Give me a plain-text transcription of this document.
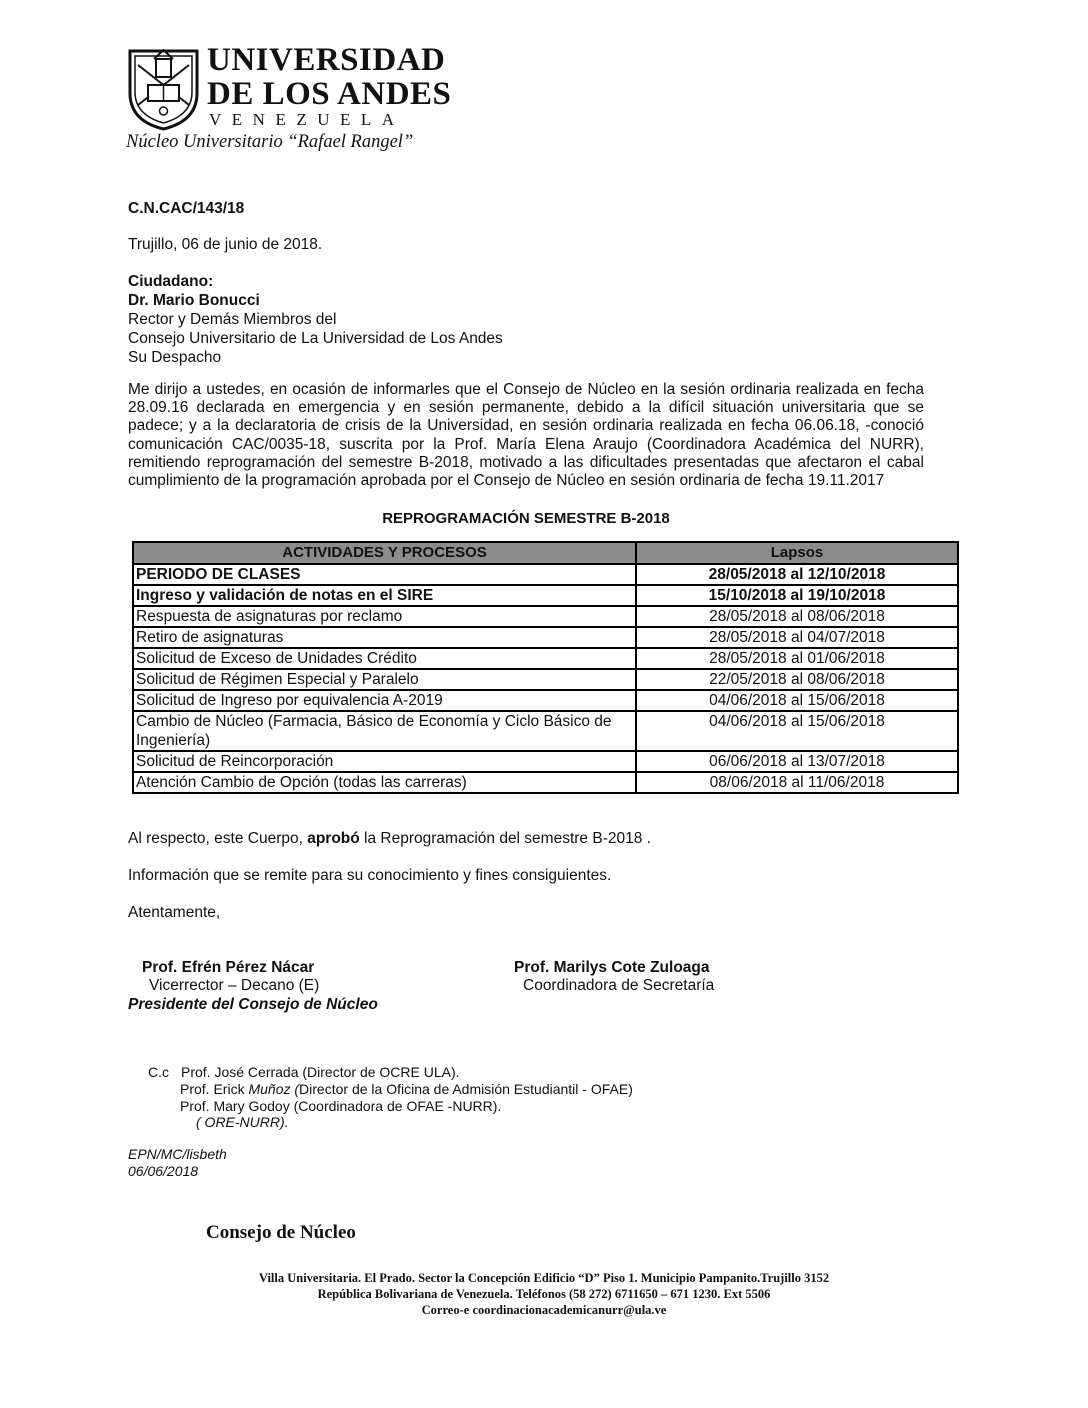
UNIVERSIDAD
DE LOS ANDES
VENEZUELA
Núcleo Universitario “Rafael Rangel”
C.N.CAC/143/18
Trujillo, 06 de junio de 2018.
Ciudadano:
Dr. Mario Bonucci
Rector y Demás Miembros del
Consejo Universitario de La Universidad de Los Andes
Su Despacho
Me dirijo a ustedes, en ocasión de informarles que el Consejo de Núcleo en la sesión ordinaria realizada en fecha 28.09.16 declarada en emergencia y en sesión permanente, debido a la difícil situación universitaria que se padece; y a la declaratoria de crisis de la Universidad, en sesión ordinaria realizada en fecha 06.06.18, -conoció comunicación CAC/0035-18, suscrita por la Prof. María Elena Araujo (Coordinadora Académica del NURR), remitiendo reprogramación del semestre B-2018, motivado a las dificultades presentadas que afectaron el cabal cumplimiento de la programación aprobada por el Consejo de Núcleo en sesión ordinaria de fecha 19.11.2017
REPROGRAMACIÓN SEMESTRE B-2018
ACTIVIDADES Y PROCESOS	Lapsos
PERIODO DE CLASES	28/05/2018 al 12/10/2018
Ingreso y validación de notas en el SIRE	15/10/2018 al 19/10/2018
Respuesta de asignaturas por reclamo	28/05/2018 al 08/06/2018
Retiro de asignaturas	28/05/2018 al 04/07/2018
Solicitud de Exceso de Unidades Crédito	28/05/2018 al 01/06/2018
Solicitud de Régimen Especial y Paralelo	22/05/2018 al 08/06/2018
Solicitud de Ingreso por equivalencia A-2019	04/06/2018 al 15/06/2018
Cambio de Núcleo (Farmacia, Básico de Economía y Ciclo Básico de Ingeniería)	04/06/2018 al 15/06/2018
Solicitud de Reincorporación	06/06/2018 al 13/07/2018
Atención Cambio de Opción (todas las carreras)	08/06/2018 al 11/06/2018
Al respecto, este Cuerpo, aprobó la Reprogramación del semestre B-2018 .
Información que se remite para su conocimiento y fines consiguientes.
Atentamente,
Prof. Efrén Pérez Nácar
Vicerrector – Decano (E)
Presidente del Consejo de Núcleo
Prof. Marilys Cote Zuloaga
Coordinadora de Secretaría
C.c Prof. José Cerrada (Director de OCRE ULA).
Prof. Erick Muñoz (Director de la Oficina de Admisión Estudiantil - OFAE)
Prof. Mary Godoy (Coordinadora de OFAE -NURR).
( ORE-NURR).
EPN/MC/lisbeth
06/06/2018
Consejo de Núcleo
Villa Universitaria. El Prado. Sector la Concepción Edificio “D” Piso 1. Municipio Pampanito.Trujillo 3152
República Bolivariana de Venezuela. Teléfonos (58 272) 6711650 – 671 1230. Ext 5506
Correo-e coordinacionacademicanurr@ula.ve
